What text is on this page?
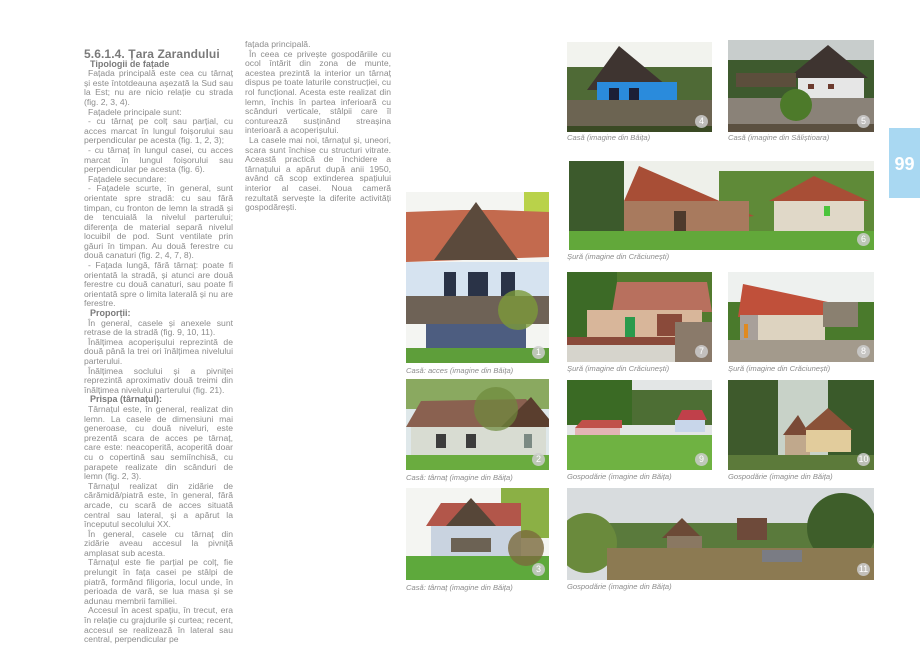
5.6.1.4. Țara Zarandului

Tipologii de fațade

Fațada principală este cea cu târnaț și este întotdeauna așezată la Sud sau la Est; nu are nicio relație cu strada (fig. 2, 3, 4).

Fațadele principale sunt:

- cu târnaț pe colț sau parțial, cu acces marcat în lungul foișorului sau perpendicular pe acesta (fig. 1, 2, 3);

- cu târnaț în lungul casei, cu acces marcat în lungul foișorului sau perpendicular pe acesta (fig. 6).

Fațadele secundare:

- Fațadele scurte, în general, sunt orientate spre stradă: cu sau fără timpan, cu fronton de lemn la stradă și de tencuială la nivelul parterului; diferența de material separă nivelul locuibil de pod. Sunt ventilate prin găuri în timpan. Au două ferestre cu două canaturi (fig. 2, 4, 7, 8).

- Fațada lungă, fără târnaț: poate fi orientată la stradă, și atunci are două ferestre cu două canaturi, sau poate fi orientată spre o limita laterală și nu are ferestre.

Proporții:

În general, casele și anexele sunt retrase de la stradă (fig. 9, 10, 11).

Înălțimea acoperișului reprezintă de două până la trei ori înălțimea nivelului parterului.

Înălțimea soclului și a pivniței reprezintă aproximativ două treimi din înălțimea nivelului parterului (fig. 21).

Prispa (târnațul):

Târnațul este, în general, realizat din lemn. La casele de dimensiuni mai generoase, cu două niveluri, este prezentă scara de acces pe târnaț, care este: neacoperită, acoperită doar cu o copertină sau semiînchisă, cu parapete realizate din scânduri de lemn (fig. 2, 3).

Târnațul realizat din zidărie de cărămidă/piatră este, în general, fără arcade, cu scară de acces situată central sau lateral, și a apărut la începutul secolului XX.

În general, casele cu târnaț din zidărie aveau accesul la pivniță amplasat sub acesta.

Târnațul este fie parțial pe colț, fie prelungit în fața casei pe stâlpi de piatră, formând filigoria, locul unde, în perioada de vară, se lua masa și se adunau membrii familiei.

Accesul în acest spațiu, în trecut, era în relație cu grajdurile și curtea; recent, accesul se realizează în lateral sau central, perpendicular pe

fațada principală.

În ceea ce privește gospodăriile cu ocol întărit din zona de munte, acestea prezintă la interior un târnaț dispus pe toate laturile construcției, cu rol funcțional. Acesta este realizat din lemn, închis în partea inferioară cu scânduri verticale, stâlpii care îl conturează susținând streașina interioară a acoperișului.

La casele mai noi, târnațul și, uneori, scara sunt închise cu structuri vitrate. Această practică de închidere a târnațului a apărut după anii 1950, având că scop extinderea spațiului interior al casei. Noua cameră rezultată servește la diferite activități gospodărești.

1
Casă: acces (imagine din Băița)
2
Casă: târnaț (imagine din Băița)
3
Casă: târnaț (imagine din Băița)
4
Casă (imagine din Băița)
5
Casă (imagine din Săliștioara)
6
Șură (imagine din Crăciunești)
7
Șură (imagine din Crăciunești)
8
Șură (imagine din Crăciunești)
9
Gospodărie (imagine din Băița)
10
Gospodărie (imagine din Băița)
11
Gospodărie (imagine din Băița)
99
